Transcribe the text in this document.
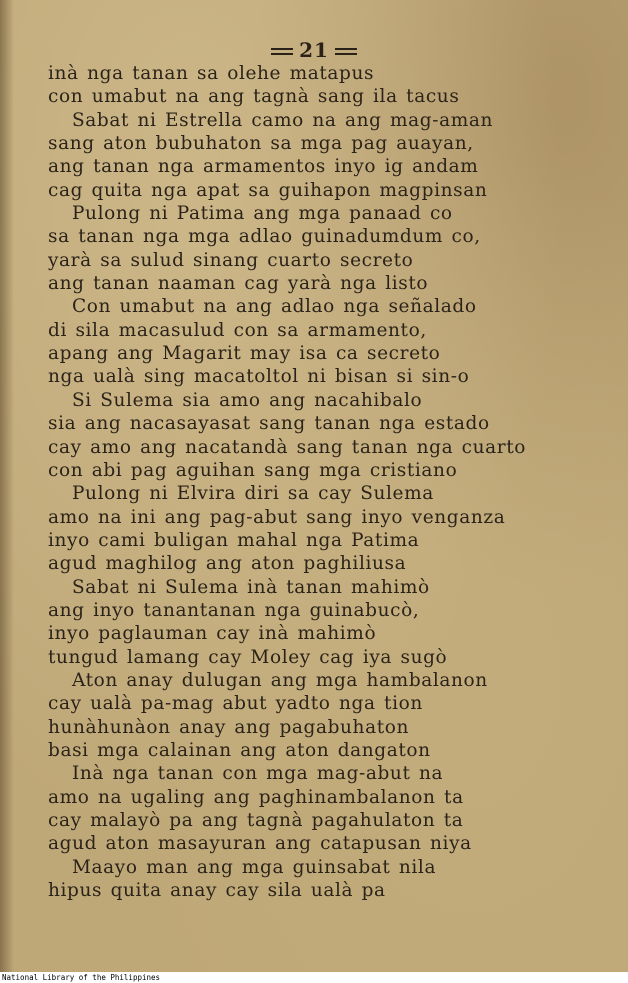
21
inà nga tanan sa olehe matapus
con umabut na ang tagnà sang ila tacus
Sabat ni Estrella camo na ang mag-aman
sang aton bubuhaton sa mga pag auayan,
ang tanan nga armamentos inyo ig andam
cag quita nga apat sa guihapon magpinsan
Pulong ni Patima ang mga panaad co
sa tanan nga mga adlao guinadumdum co,
yarà sa sulud sinang cuarto secreto
ang tanan naaman cag yarà nga listo
Con umabut na ang adlao nga señalado
di sila macasulud con sa armamento,
apang ang Magarit may isa ca secreto
nga ualà sing macatoltol ni bisan si sin-o
Si Sulema sia amo ang nacahibalo
sia ang nacasayasat sang tanan nga estado
cay amo ang nacatandà sang tanan nga cuarto
con abi pag aguihan sang mga cristiano
Pulong ni Elvira diri sa cay Sulema
amo na ini ang pag-abut sang inyo venganza
inyo cami buligan mahal nga Patima
agud maghilog ang aton paghiliusa
Sabat ni Sulema inà tanan mahimò
ang inyo tanantanan nga guinabucò,
inyo paglauman cay inà mahimò
tungud lamang cay Moley cag iya sugò
Aton anay dulugan ang mga hambalanon
cay ualà pa-mag abut yadto nga tion
hunàhunàon anay ang pagabuhaton
basi mga calainan ang aton dangaton
Inà nga tanan con mga mag-abut na
amo na ugaling ang paghinambalanon ta
cay malayò pa ang tagnà pagahulaton ta
agud aton masayuran ang catapusan niya
Maayo man ang mga guinsabat nila
hipus quita anay cay sila ualà pa
National Library of the Philippines
